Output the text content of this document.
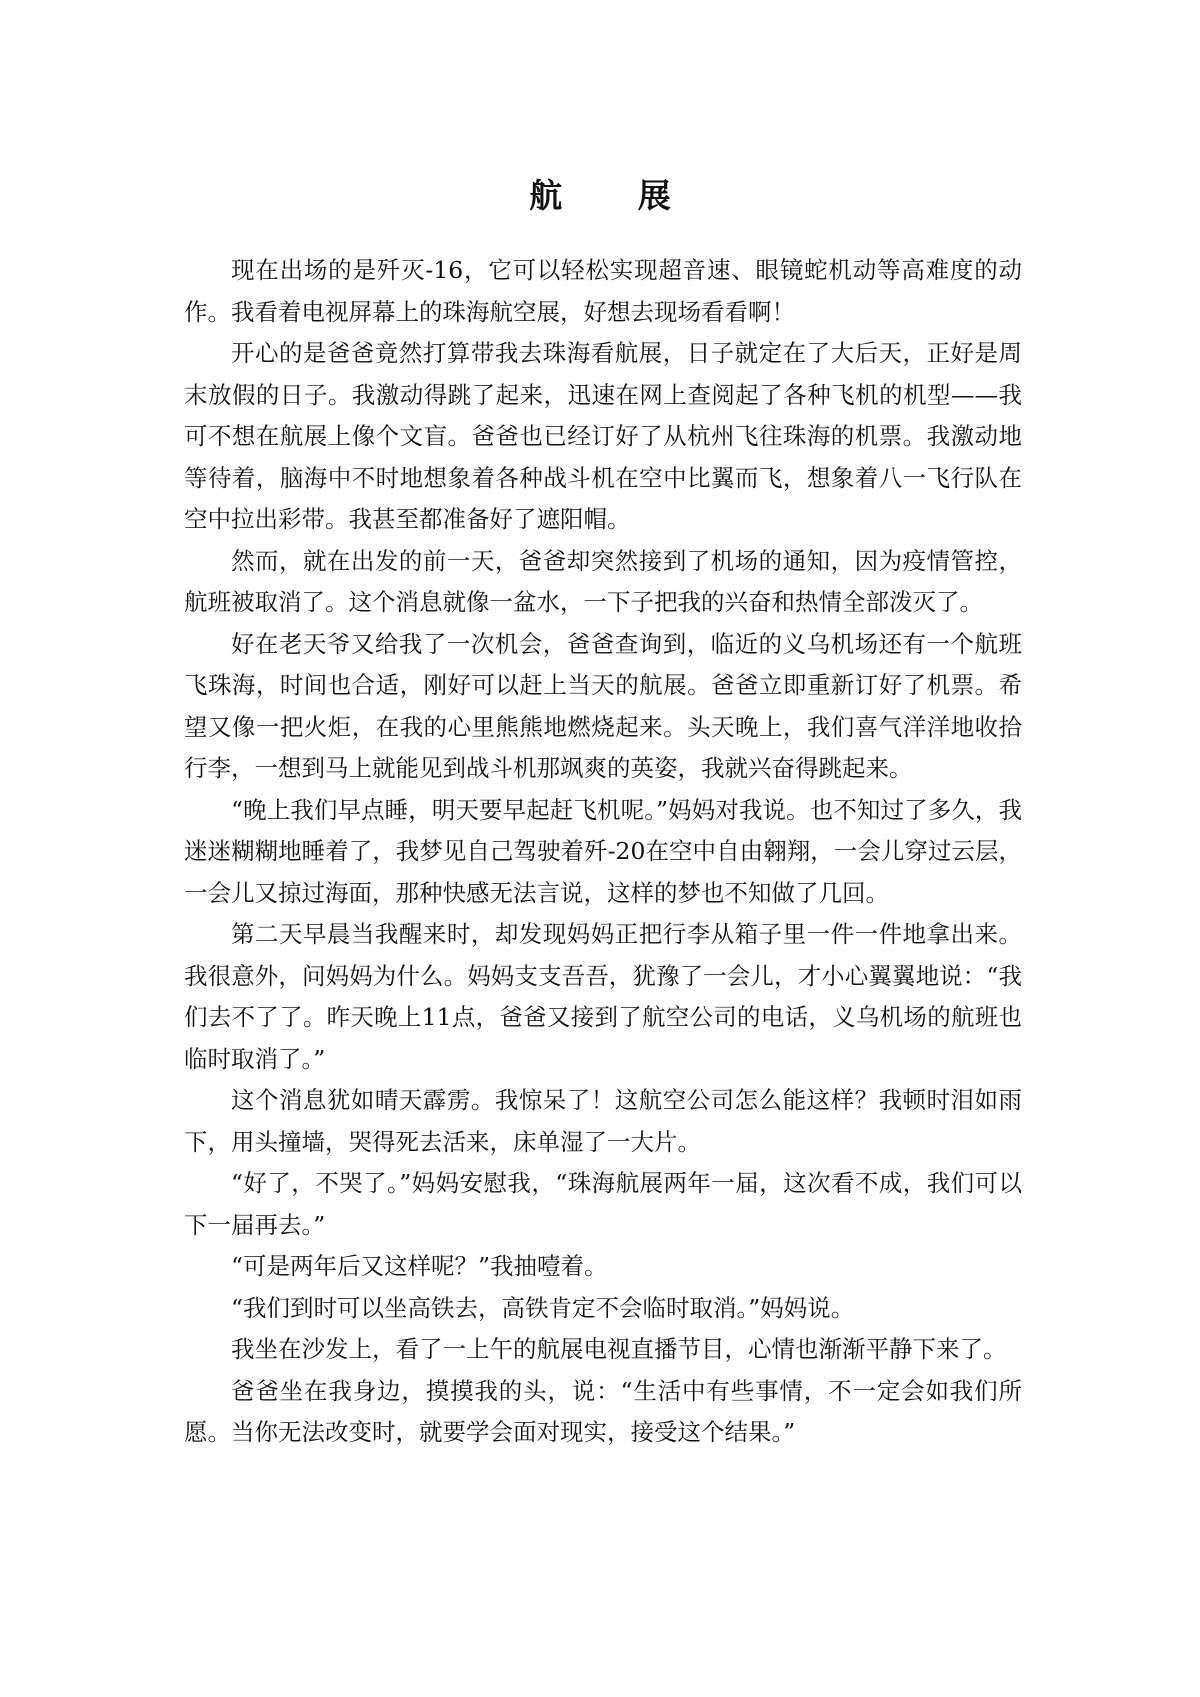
航 展

现在出场的是歼灭-16，它可以轻松实现超音速、眼镜蛇机动等高难度的动作。我看着电视屏幕上的珠海航空展，好想去现场看看啊！

开心的是爸爸竟然打算带我去珠海看航展，日子就定在了大后天，正好是周末放假的日子。我激动得跳了起来，迅速在网上查阅起了各种飞机的机型——我可不想在航展上像个文盲。爸爸也已经订好了从杭州飞往珠海的机票。我激动地等待着，脑海中不时地想象着各种战斗机在空中比翼而飞，想象着八一飞行队在空中拉出彩带。我甚至都准备好了遮阳帽。

然而，就在出发的前一天，爸爸却突然接到了机场的通知，因为疫情管控，航班被取消了。这个消息就像一盆水，一下子把我的兴奋和热情全部泼灭了。

好在老天爷又给我了一次机会，爸爸查询到，临近的义乌机场还有一个航班飞珠海，时间也合适，刚好可以赶上当天的航展。爸爸立即重新订好了机票。希望又像一把火炬，在我的心里熊熊地燃烧起来。头天晚上，我们喜气洋洋地收拾行李，一想到马上就能见到战斗机那飒爽的英姿，我就兴奋得跳起来。

“晚上我们早点睡，明天要早起赶飞机呢。”妈妈对我说。也不知过了多久，我迷迷糊糊地睡着了，我梦见自己驾驶着歼-20在空中自由翱翔，一会儿穿过云层，一会儿又掠过海面，那种快感无法言说，这样的梦也不知做了几回。

第二天早晨当我醒来时，却发现妈妈正把行李从箱子里一件一件地拿出来。我很意外，问妈妈为什么。妈妈支支吾吾，犹豫了一会儿，才小心翼翼地说：“我们去不了了。昨天晚上11点，爸爸又接到了航空公司的电话，义乌机场的航班也临时取消了。”

这个消息犹如晴天霹雳。我惊呆了！这航空公司怎么能这样？我顿时泪如雨下，用头撞墙，哭得死去活来，床单湿了一大片。

“好了，不哭了。”妈妈安慰我，“珠海航展两年一届，这次看不成，我们可以下一届再去。”

“可是两年后又这样呢？”我抽噎着。

“我们到时可以坐高铁去，高铁肯定不会临时取消。”妈妈说。

我坐在沙发上，看了一上午的航展电视直播节目，心情也渐渐平静下来了。

爸爸坐在我身边，摸摸我的头，说：“生活中有些事情，不一定会如我们所愿。当你无法改变时，就要学会面对现实，接受这个结果。”
